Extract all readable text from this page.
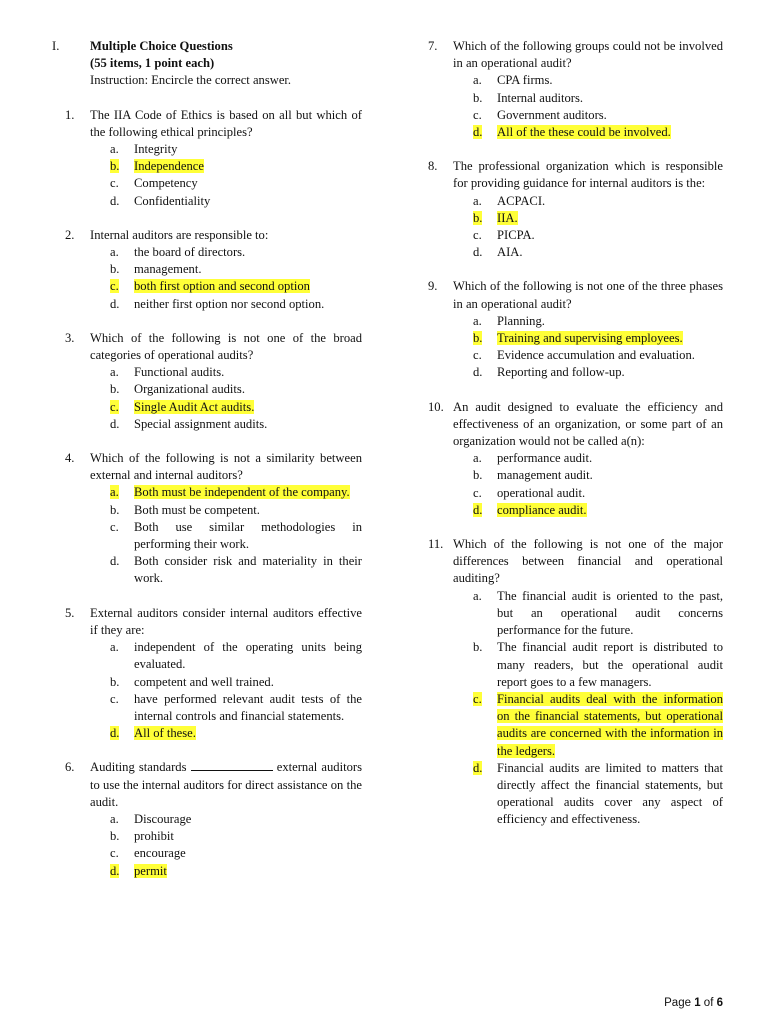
I.	Multiple Choice Questions
(55 items, 1 point each)
Instruction: Encircle the correct answer.
1.	The IIA Code of Ethics is based on all but which of the following ethical principles?
a.	Integrity
b.	Independence
c.	Competency
d.	Confidentiality
2.	Internal auditors are responsible to:
a.	the board of directors.
b.	management.
c.	both first option and second option
d.	neither first option nor second option.
3.	Which of the following is not one of the broad categories of operational audits?
a.	Functional audits.
b.	Organizational audits.
c.	Single Audit Act audits.
d.	Special assignment audits.
4.	Which of the following is not a similarity between external and internal auditors?
a.	Both must be independent of the company.
b.	Both must be competent.
c.	Both use similar methodologies in performing their work.
d.	Both consider risk and materiality in their work.
5.	External auditors consider internal auditors effective if they are:
a.	independent of the operating units being evaluated.
b.	competent and well trained.
c.	have performed relevant audit tests of the internal controls and financial statements.
d.	All of these.
6.	Auditing standards	external auditors to use the internal auditors for direct assistance on the audit.
a.	Discourage
b.	prohibit
c.	encourage
d.	permit
7.	Which of the following groups could not be involved in an operational audit?
a.	CPA firms.
b.	Internal auditors.
c.	Government auditors.
d.	All of the these could be involved.
8.	The professional organization which is responsible for providing guidance for internal auditors is the:
a.	ACPACI.
b.	IIA.
c.	PICPA.
d.	AIA.
9.	Which of the following is not one of the three phases in an operational audit?
a.	Planning.
b.	Training and supervising employees.
c.	Evidence accumulation and evaluation.
d.	Reporting and follow-up.
10. An audit designed to evaluate the efficiency and effectiveness of an organization, or some part of an organization would not be called a(n):
a.	performance audit.
b.	management audit.
c.	operational audit.
d.	compliance audit.
11. Which of the following is not one of the major differences between financial and operational auditing?
a.	The financial audit is oriented to the past, but an operational audit concerns performance for the future.
b.	The financial audit report is distributed to many readers, but the operational audit report goes to a few managers.
c.	Financial audits deal with the information on the financial statements, but operational audits are concerned with the information in the ledgers.
d.	Financial audits are limited to matters that directly affect the financial statements, but operational audits cover any aspect of efficiency and effectiveness.
Page 1 of 6
